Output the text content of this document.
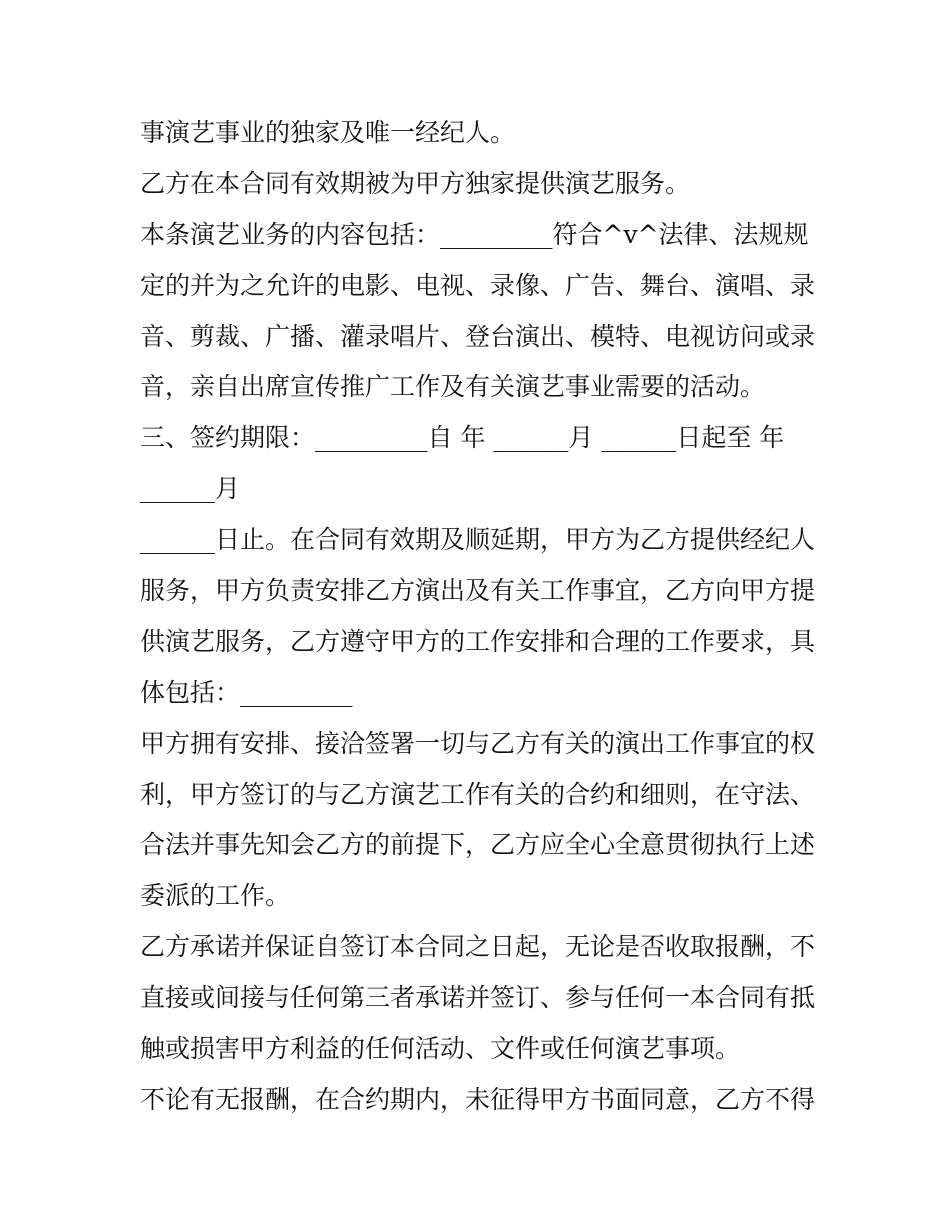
事演艺事业的独家及唯一经纪人。
乙方在本合同有效期被为甲方独家提供演艺服务。
本条演艺业务的内容包括：_________符合^v^法律、法规规
定的并为之允许的电影、电视、录像、广告、舞台、演唱、录
音、剪裁、广播、灌录唱片、登台演出、模特、电视访问或录
音，亲自出席宣传推广工作及有关演艺事业需要的活动。
三、签约期限：_________自 年 ______月 ______日起至 年
______月
______日止。在合同有效期及顺延期，甲方为乙方提供经纪人
服务，甲方负责安排乙方演出及有关工作事宜，乙方向甲方提
供演艺服务，乙方遵守甲方的工作安排和合理的工作要求，具
体包括：_________
甲方拥有安排、接洽签署一切与乙方有关的演出工作事宜的权
利，甲方签订的与乙方演艺工作有关的合约和细则，在守法、
合法并事先知会乙方的前提下，乙方应全心全意贯彻执行上述
委派的工作。
乙方承诺并保证自签订本合同之日起，无论是否收取报酬，不
直接或间接与任何第三者承诺并签订、参与任何一本合同有抵
触或损害甲方利益的任何活动、文件或任何演艺事项。
不论有无报酬，在合约期内，未征得甲方书面同意，乙方不得
